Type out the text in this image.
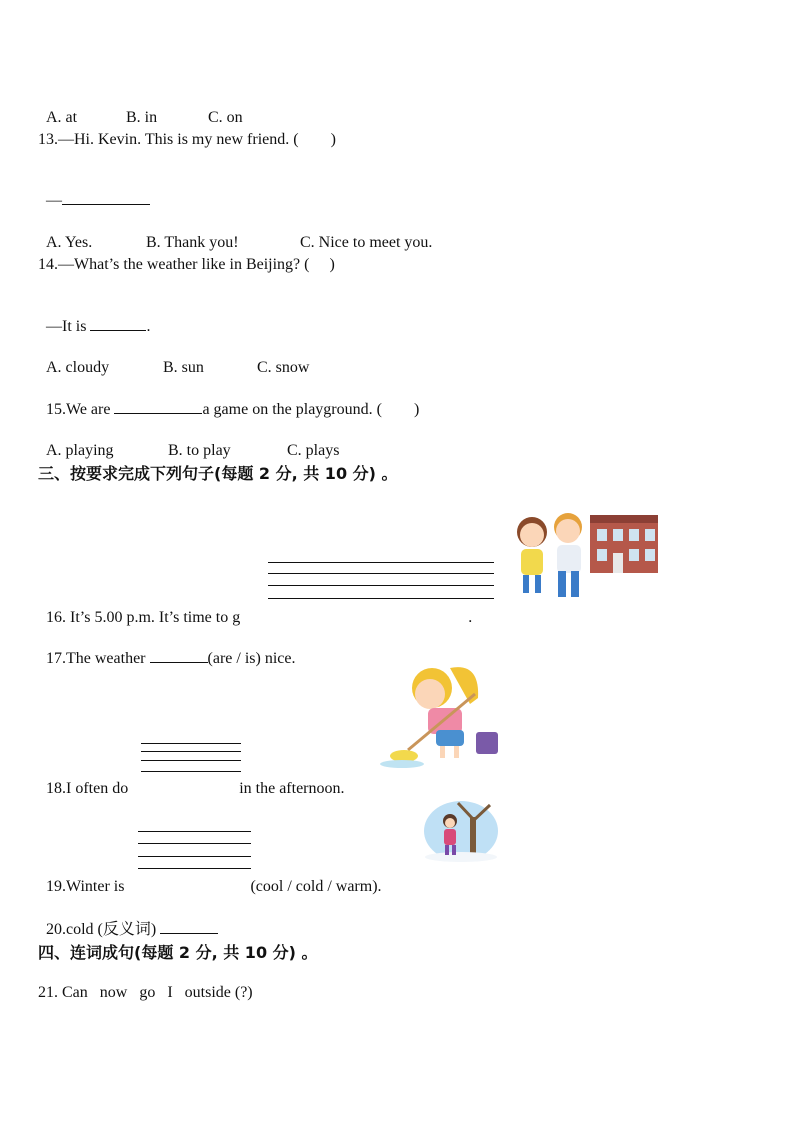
A. at	B. in	C. on

13.—Hi. Kevin. This is my new friend. (        )

—

A. Yes.	B. Thank you!	C. Nice to meet you.

14.—What’s the weather like in Beijing? (     )

—It is	.

A. cloudy	B. sun	C. snow

15.We are	a game on the playground. (        )

A. playing	B. to play	C. plays

三、按要求完成下列句子(每题 2 分, 共 10 分) 。

16. It’s 5.00 p.m. It’s time to g	.

17.The weather	(are / is) nice.

18.I often do	in the afternoon.

19.Winter is	(cool / cold / warm).

20.cold (反义词)

四、连词成句(每题 2 分, 共 10 分) 。
21. Can   now   go   I   outside (?)
